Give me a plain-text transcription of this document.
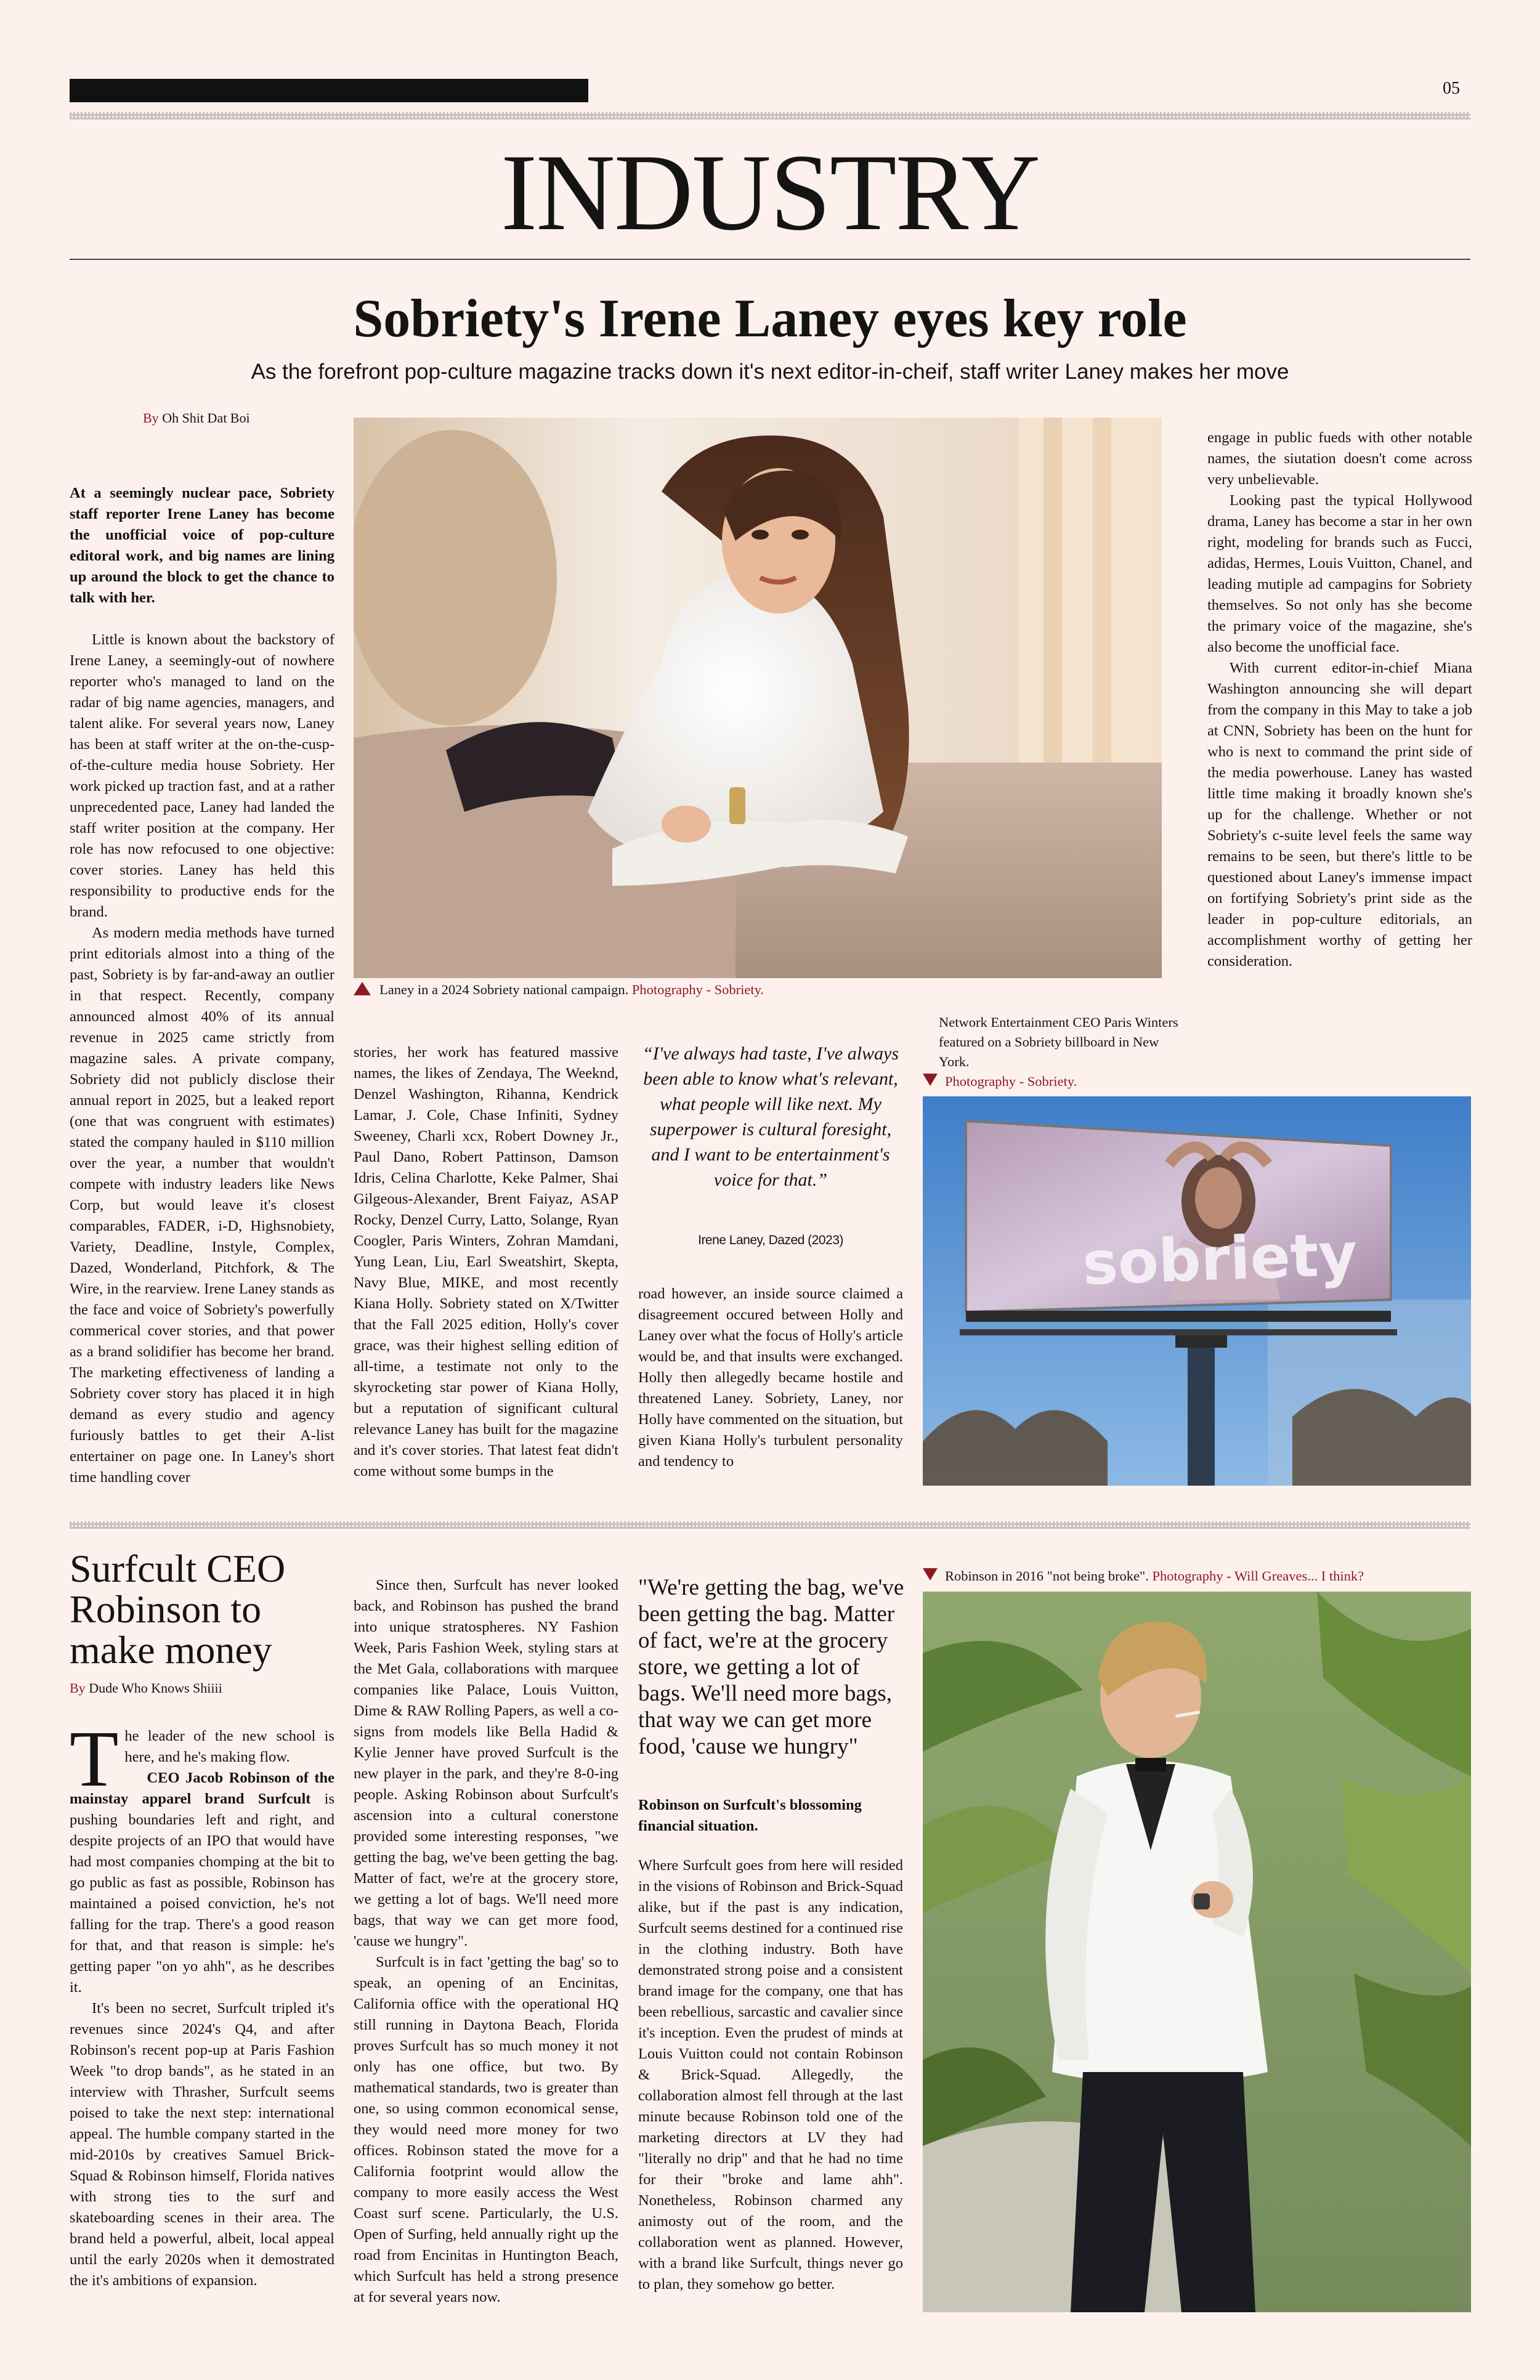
05
INDUSTRY
Sobriety's Irene Laney eyes key role
As the forefront pop-culture magazine tracks down it's next editor-in-cheif, staff writer Laney makes her move
By Oh Shit Dat Boi

At a seemingly nuclear pace, Sobriety staff reporter Irene Laney has become the unofficial voice of pop-culture editoral work, and big names are lining up around the block to get the chance to talk with her.

Little is known about the backstory of Irene Laney, a seemingly-out of nowhere reporter who's managed to land on the radar of big name agencies, managers, and talent alike. For several years now, Laney has been at staff writer at the on-the-cusp-of-the-culture media house Sobriety. Her work picked up traction fast, and at a rather unprecedented pace, Laney had landed the staff writer position at the company. Her role has now refocused to one objective: cover stories. Laney has held this responsibility to productive ends for the brand.

As modern media methods have turned print editorials almost into a thing of the past, Sobriety is by far-and-away an outlier in that respect. Recently, company announced almost 40% of its annual revenue in 2025 came strictly from magazine sales. A private company, Sobriety did not publicly disclose their annual report in 2025, but a leaked report (one that was congruent with estimates) stated the company hauled in $110 million over the year, a number that wouldn't compete with industry leaders like News Corp, but would leave it's closest comparables, FADER, i-D, Highsnobiety, Variety, Deadline, Instyle, Complex, Dazed, Wonderland, Pitchfork, & The Wire, in the rearview. Irene Laney stands as the face and voice of Sobriety's powerfully commerical cover stories, and that power as a brand solidifier has become her brand. The marketing effectiveness of landing a Sobriety cover story has placed it in high demand as every studio and agency furiously battles to get their A-list entertainer on page one. In Laney's short time handling cover

Laney in a 2024 Sobriety national campaign. Photography - Sobriety.

stories, her work has featured massive names, the likes of Zendaya, The Weeknd, Denzel Washington, Rihanna, Kendrick Lamar, J. Cole, Chase Infiniti, Sydney Sweeney, Charli xcx, Robert Downey Jr., Paul Dano, Robert Pattinson, Damson Idris, Celina Charlotte, Keke Palmer, Shai Gilgeous-Alexander, Brent Faiyaz, ASAP Rocky, Denzel Curry, Latto, Solange, Ryan Coogler, Paris Winters, Zohran Mamdani, Yung Lean, Liu, Earl Sweatshirt, Skepta, Navy Blue, MIKE, and most recently Kiana Holly. Sobriety stated on X/Twitter that the Fall 2025 edition, Holly's cover grace, was their highest selling edition of all-time, a testimate not only to the skyrocketing star power of Kiana Holly, but a reputation of significant cultural relevance Laney has built for the magazine and it's cover stories. That latest feat didn't come without some bumps in the

“I've always had taste, I've always been able to know what's relevant, what people will like next. My superpower is cultural foresight, and I want to be entertainment's voice for that.”
Irene Laney, Dazed (2023)

road however, an inside source claimed a disagreement occured between Holly and Laney over what the focus of Holly's article would be, and that insults were exchanged. Holly then allegedly became hostile and threatened Laney. Sobriety, Laney, nor Holly have commented on the situation, but given Kiana Holly's turbulent personality and tendency to

Network Entertainment CEO Paris Winters featured on a Sobriety billboard in New York.
Photography - Sobriety.
sobriety

engage in public fueds with other notable names, the siutation doesn't come across very unbelievable.

Looking past the typical Hollywood drama, Laney has become a star in her own right, modeling for brands such as Fucci, adidas, Hermes, Louis Vuitton, Chanel, and leading mutiple ad campagins for Sobriety themselves. So not only has she become the primary voice of the magazine, she's also become the unofficial face.

With current editor-in-chief Miana Washington announcing she will depart from the company in this May to take a job at CNN, Sobriety has been on the hunt for who is next to command the print side of the media powerhouse. Laney has wasted little time making it broadly known she's up for the challenge. Whether or not Sobriety's c-suite level feels the same way remains to be seen, but there's little to be questioned about Laney's immense impact on fortifying Sobriety's print side as the leader in pop-culture editorials, an accomplishment worthy of getting her consideration.

Surfcult CEO Robinson to make money
By Dude Who Knows Shiiii

The leader of the new school is here, and he's making flow.

CEO Jacob Robinson of the mainstay apparel brand Surfcult is pushing boundaries left and right, and despite projects of an IPO that would have had most companies chomping at the bit to go public as fast as possible, Robinson has maintained a poised conviction, he's not falling for the trap. There's a good reason for that, and that reason is simple: he's getting paper "on yo ahh", as he describes it.

It's been no secret, Surfcult tripled it's revenues since 2024's Q4, and after Robinson's recent pop-up at Paris Fashion Week "to drop bands", as he stated in an interview with Thrasher, Surfcult seems poised to take the next step: international appeal. The humble company started in the mid-2010s by creatives Samuel Brick-Squad & Robinson himself, Florida natives with strong ties to the surf and skateboarding scenes in their area. The brand held a powerful, albeit, local appeal until the early 2020s when it demostrated the it's ambitions of expansion.

Since then, Surfcult has never looked back, and Robinson has pushed the brand into unique stratospheres. NY Fashion Week, Paris Fashion Week, styling stars at the Met Gala, collaborations with marquee companies like Palace, Louis Vuitton, Dime & RAW Rolling Papers, as well a co-signs from models like Bella Hadid & Kylie Jenner have proved Surfcult is the new player in the park, and they're 8-0-ing people. Asking Robinson about Surfcult's ascension into a cultural conerstone provided some interesting responses, "we getting the bag, we've been getting the bag. Matter of fact, we're at the grocery store, we getting a lot of bags. We'll need more bags, that way we can get more food, 'cause we hungry".

Surfcult is in fact 'getting the bag' so to speak, an opening of an Encinitas, California office with the operational HQ still running in Daytona Beach, Florida proves Surfcult has so much money it not only has one office, but two. By mathematical standards, two is greater than one, so using common economical sense, they would need more money for two offices. Robinson stated the move for a California footprint would allow the company to more easily access the West Coast surf scene. Particularly, the U.S. Open of Surfing, held annually right up the road from Encinitas in Huntington Beach, which Surfcult has held a strong presence at for several years now.

"We're getting the bag, we've been getting the bag. Matter of fact, we're at the grocery store, we getting a lot of bags. We'll need more bags, that way we can get more food, 'cause we hungry"
Robinson on Surfcult's blossoming financial situation.

Where Surfcult goes from here will resided in the visions of Robinson and Brick-Squad alike, but if the past is any indication, Surfcult seems destined for a continued rise in the clothing industry. Both have demonstrated strong poise and a consistent brand image for the company, one that has been rebellious, sarcastic and cavalier since it's inception. Even the prudest of minds at Louis Vuitton could not contain Robinson & Brick-Squad. Allegedly, the collaboration almost fell through at the last minute because Robinson told one of the marketing directors at LV they had "literally no drip" and that he had no time for their "broke and lame ahh". Nonetheless, Robinson charmed any animosty out of the room, and the collaboration went as planned. However, with a brand like Surfcult, things never go to plan, they somehow go better.

Robinson in 2016 "not being broke". Photography - Will Greaves... I think?
